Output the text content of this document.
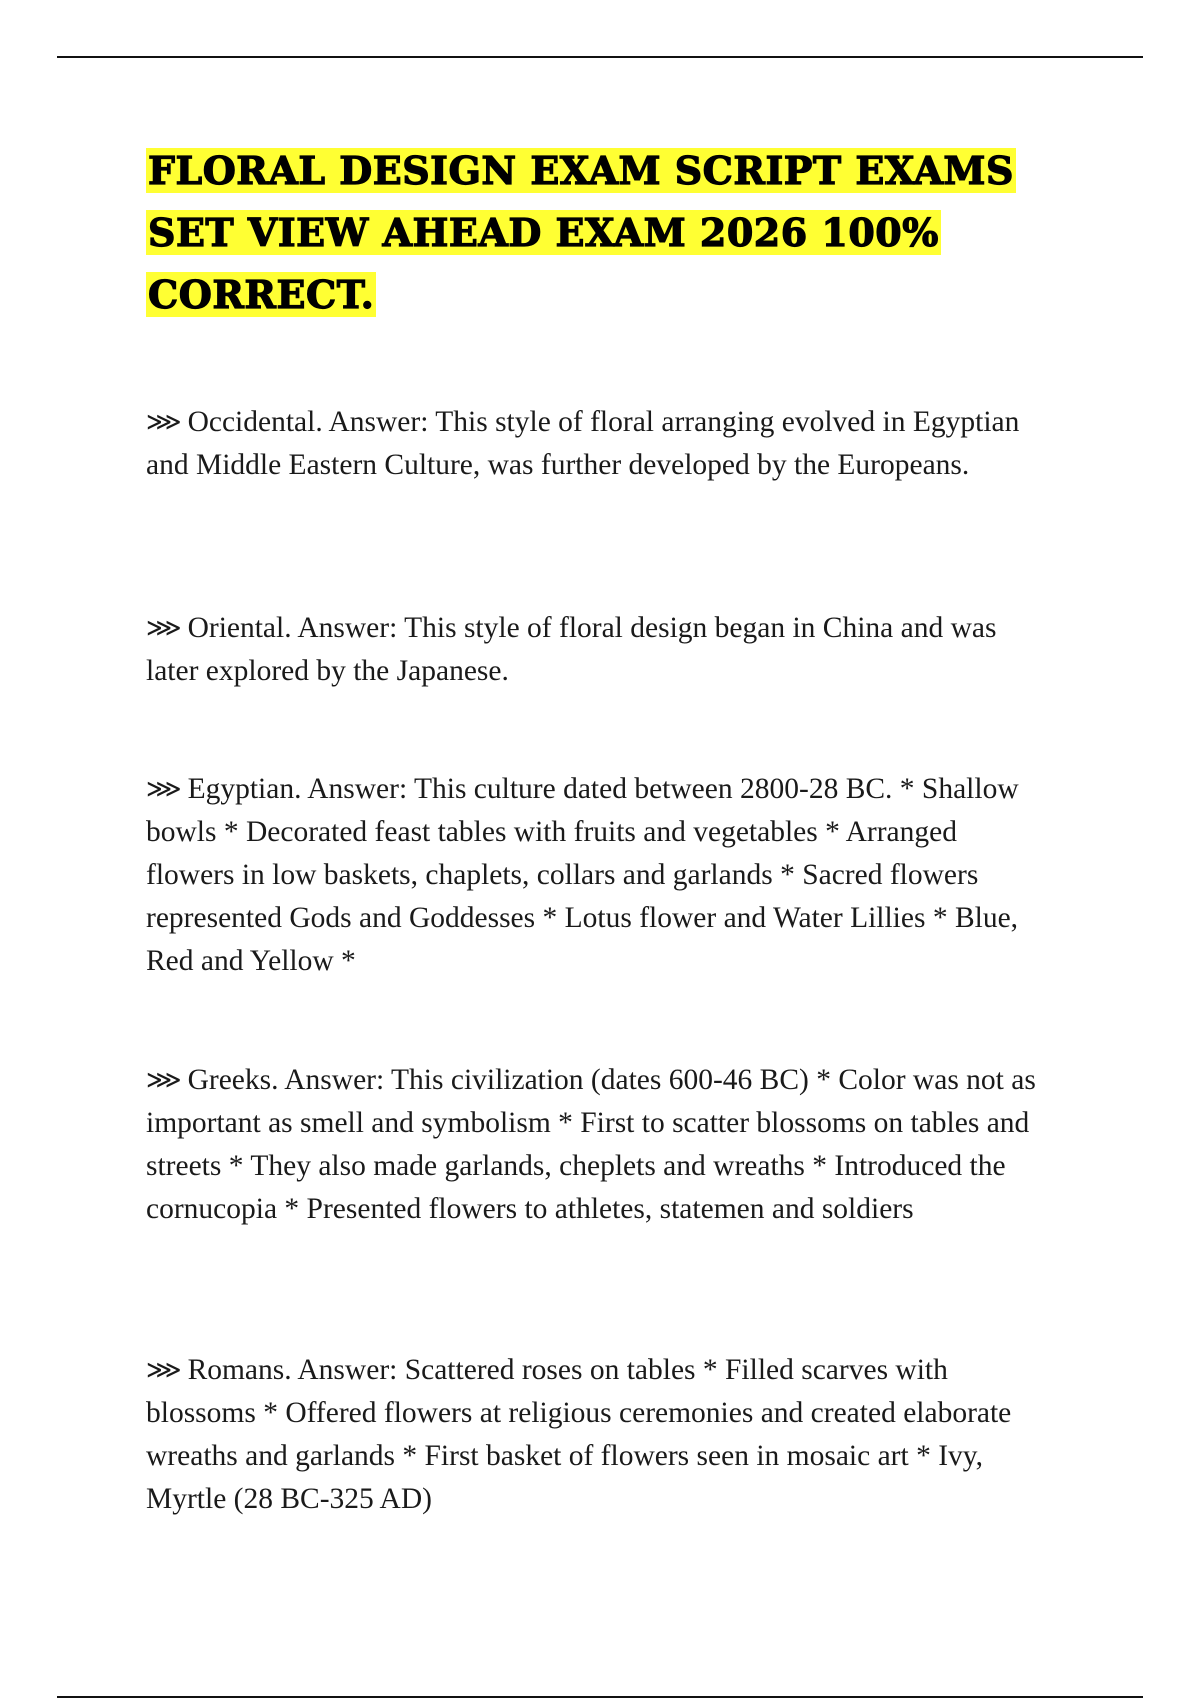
FLORAL DESIGN EXAM SCRIPT EXAMS SET VIEW AHEAD EXAM 2026 100% CORRECT.

⋙ Occidental. Answer: This style of floral arranging evolved in Egyptian and Middle Eastern Culture, was further developed by the Europeans.

⋙ Oriental. Answer: This style of floral design began in China and was later explored by the Japanese.

⋙ Egyptian. Answer: This culture dated between 2800-28 BC. * Shallow bowls * Decorated feast tables with fruits and vegetables * Arranged flowers in low baskets, chaplets, collars and garlands * Sacred flowers represented Gods and Goddesses * Lotus flower and Water Lillies * Blue, Red and Yellow *

⋙ Greeks. Answer: This civilization (dates 600-46 BC) * Color was not as important as smell and symbolism * First to scatter blossoms on tables and streets * They also made garlands, cheplets and wreaths * Introduced the cornucopia * Presented flowers to athletes, statemen and soldiers

⋙ Romans. Answer: Scattered roses on tables * Filled scarves with blossoms * Offered flowers at religious ceremonies and created elaborate wreaths and garlands * First basket of flowers seen in mosaic art * Ivy, Myrtle (28 BC-325 AD)
